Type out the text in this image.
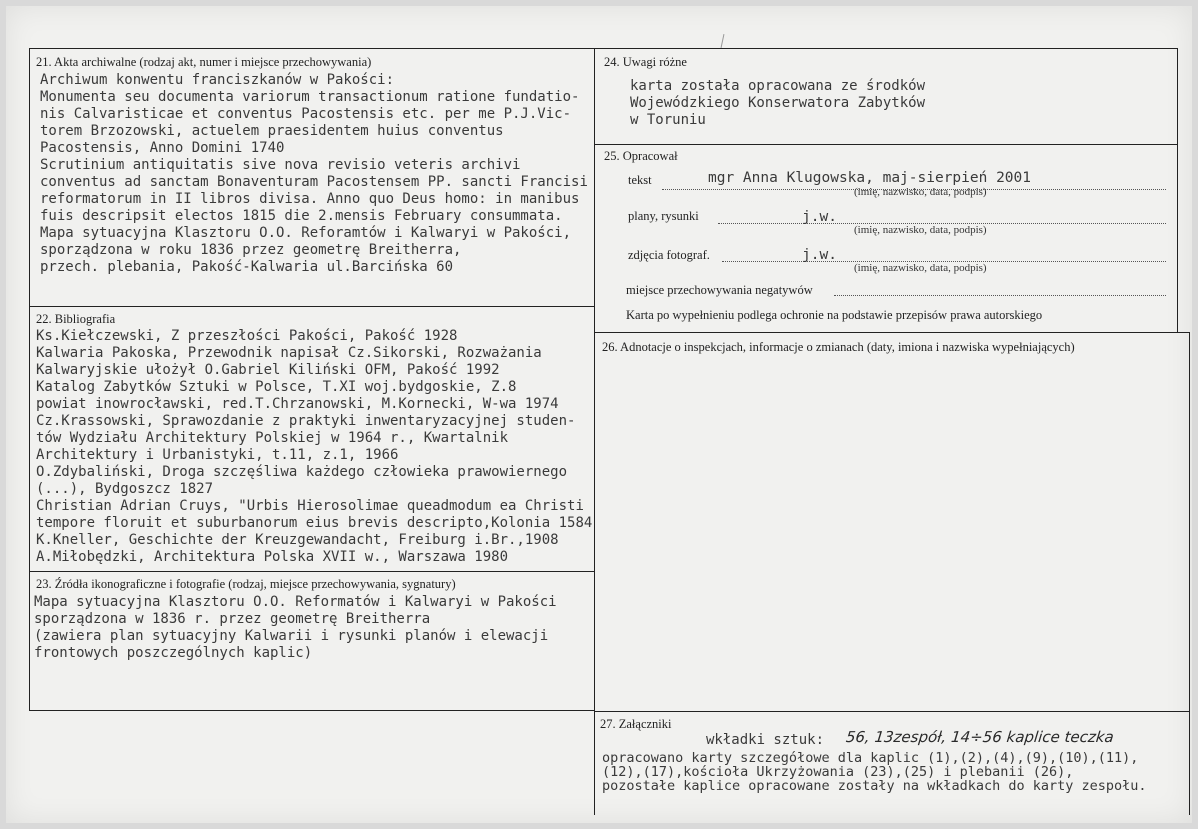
21. Akta archiwalne (rodzaj akt, numer i miejsce przechowywania)
Archiwum konwentu franciszkanów w Pakości:
Monumenta seu documenta variorum transactionum ratione fundatio-
nis Calvaristicae et conventus Pacostensis etc. per me P.J.Vic-
torem Brzozowski, actuelem praesidentem huius conventus
Pacostensis, Anno Domini 1740
Scrutinium antiquitatis sive nova revisio veteris archivi
conventus ad sanctam Bonaventuram Pacostensem PP. sancti Francisi
reformatorum in II libros divisa. Anno quo Deus homo: in manibus
fuis descripsit electos 1815 die 2.mensis February consummata.
Mapa sytuacyjna Klasztoru O.O. Reforamtów i Kalwaryi w Pakości,
sporządzona w roku 1836 przez geometrę Breitherra,
przech. plebania, Pakość-Kalwaria ul.Barcińska 60
22. Bibliografia
Ks.Kiełczewski, Z przeszłości Pakości, Pakość 1928
Kalwaria Pakoska, Przewodnik napisał Cz.Sikorski, Rozważania
Kalwaryjskie ułożył O.Gabriel Kiliński OFM, Pakość 1992
Katalog Zabytków Sztuki w Polsce, T.XI woj.bydgoskie, Z.8
powiat inowrocławski, red.T.Chrzanowski, M.Kornecki, W-wa 1974
Cz.Krassowski, Sprawozdanie z praktyki inwentaryzacyjnej studen-
tów Wydziału Architektury Polskiej w 1964 r., Kwartalnik
Architektury i Urbanistyki, t.11, z.1, 1966
O.Zdybaliński, Droga szczęśliwa każdego człowieka prawowiernego
(...), Bydgoszcz 1827
Christian Adrian Cruys, "Urbis Hierosolimae queadmodum ea Christi
tempore floruit et suburbanorum eius brevis descripto,Kolonia 1584
K.Kneller, Geschichte der Kreuzgewandacht, Freiburg i.Br.,1908
A.Miłobędzki, Architektura Polska XVII w., Warszawa 1980
23. Źródła ikonograficzne i fotografie (rodzaj, miejsce przechowywania, sygnatury)
Mapa sytuacyjna Klasztoru O.O. Reformatów i Kalwaryi w Pakości
sporządzona w 1836 r. przez geometrę Breitherra
(zawiera plan sytuacyjny Kalwarii i rysunki planów i elewacji
frontowych poszczególnych kaplic)
24. Uwagi różne
karta została opracowana ze środków
Wojewódzkiego Konserwatora Zabytków
w Toruniu
25. Opracował
tekst	mgr Anna Klugowska, maj-sierpień 2001
(imię, nazwisko, data, podpis)
plany, rysunki	j.w.
(imię, nazwisko, data, podpis)
zdjęcia fotograf.	j.w.
(imię, nazwisko, data, podpis)
miejsce przechowywania negatywów
Karta po wypełnieniu podlega ochronie na podstawie przepisów prawa autorskiego
26. Adnotacje o inspekcjach, informacje o zmianach (daty, imiona i nazwiska wypełniających)
27. Załączniki
wkładki sztuk: 56, 13zespół, 14÷56 kaplice teczka
opracowano karty szczegółowe dla kaplic (1),(2),(4),(9),(10),(11),
(12),(17),kościoła Ukrzyżowania (23),(25) i plebanii (26),
pozostałe kaplice opracowane zostały na wkładkach do karty zespołu.
